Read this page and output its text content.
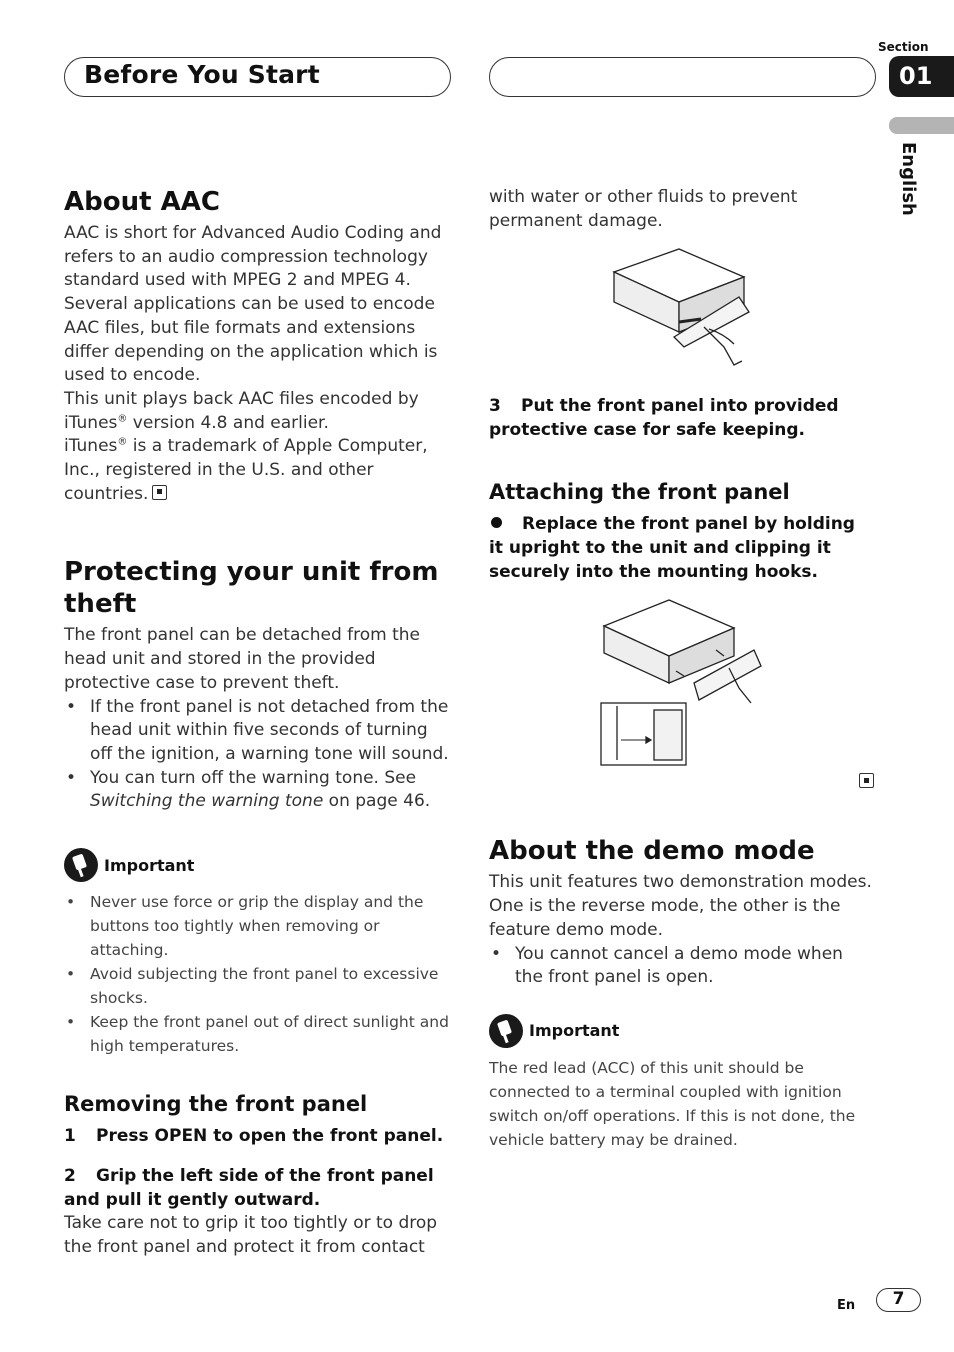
Before You Start
Section
01
English
About AAC

AAC is short for Advanced Audio Coding and refers to an audio compression technology standard used with MPEG 2 and MPEG 4. Several applications can be used to encode AAC files, but file formats and extensions differ depending on the application which is used to encode.

This unit plays back AAC files encoded by iTunes® version 4.8 and earlier.

iTunes® is a trademark of Apple Computer, Inc., registered in the U.S. and other countries.

Protecting your unit from theft

The front panel can be detached from the head unit and stored in the provided protective case to prevent theft.

• If the front panel is not detached from the head unit within five seconds of turning off the ignition, a warning tone will sound.
• You can turn off the warning tone. See Switching the warning tone on page 46.
Important
• Never use force or grip the display and the buttons too tightly when removing or attaching.
• Avoid subjecting the front panel to excessive shocks.
• Keep the front panel out of direct sunlight and high temperatures.
Removing the front panel
1 Press OPEN to open the front panel.
2 Grip the left side of the front panel and pull it gently outward.

Take care not to grip it too tightly or to drop the front panel and protect it from contact

with water or other fluids to prevent permanent damage.

3 Put the front panel into provided protective case for safe keeping.
Attaching the front panel
Replace the front panel by holding it upright to the unit and clipping it securely into the mounting hooks.
About the demo mode

This unit features two demonstration modes. One is the reverse mode, the other is the feature demo mode.

• You cannot cancel a demo mode when the front panel is open.
Important

The red lead (ACC) of this unit should be connected to a terminal coupled with ignition switch on/off operations. If this is not done, the vehicle battery may be drained.

En	7
